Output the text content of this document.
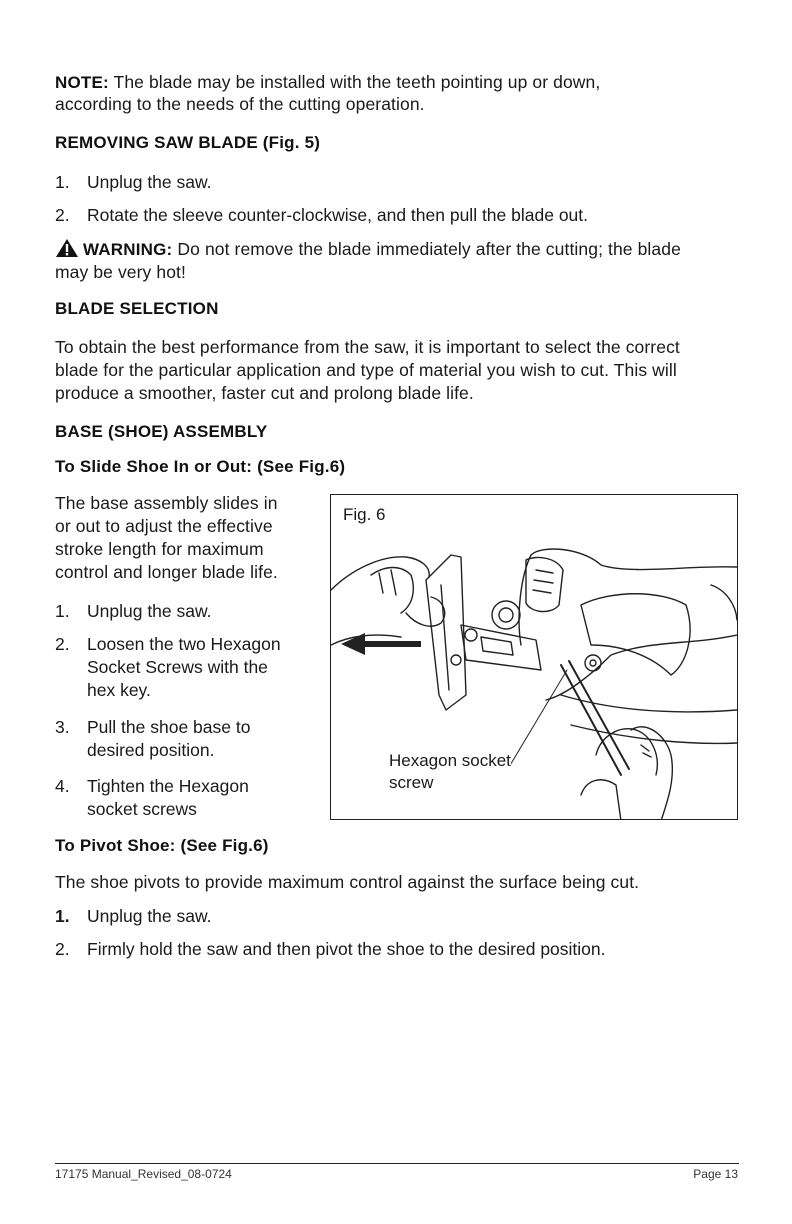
NOTE: The blade may be installed with the teeth pointing up or down,

according to the needs of the cutting operation.

REMOVING SAW BLADE (Fig. 5)

1. Unplug the saw.
2. Rotate the sleeve counter-clockwise, and then pull the blade out.

WARNING: Do not remove the blade immediately after the cutting; the blade

may be very hot!

BLADE SELECTION

To obtain the best performance from the saw, it is important to select the correct

blade for the particular application and type of material you wish to cut. This will

produce a smoother, faster cut and prolong blade life.

BASE (SHOE) ASSEMBLY

To Slide Shoe In or Out: (See Fig.6)

The base assembly slides in

or out to adjust the effective

stroke length for maximum

control and longer blade life.

1. Unplug the saw.
2. Loosen the two Hexagon
Socket Screws with the
hex key.
3. Pull the shoe base to
desired position.
4. Tighten the Hexagon
socket screws
Fig. 6
Hexagon socket
screw

To Pivot Shoe: (See Fig.6)

The shoe pivots to provide maximum control against the surface being cut.

1. Unplug the saw.
2. Firmly hold the saw and then pivot the shoe to the desired position.
17175 Manual_Revised_08-0724	Page 13
